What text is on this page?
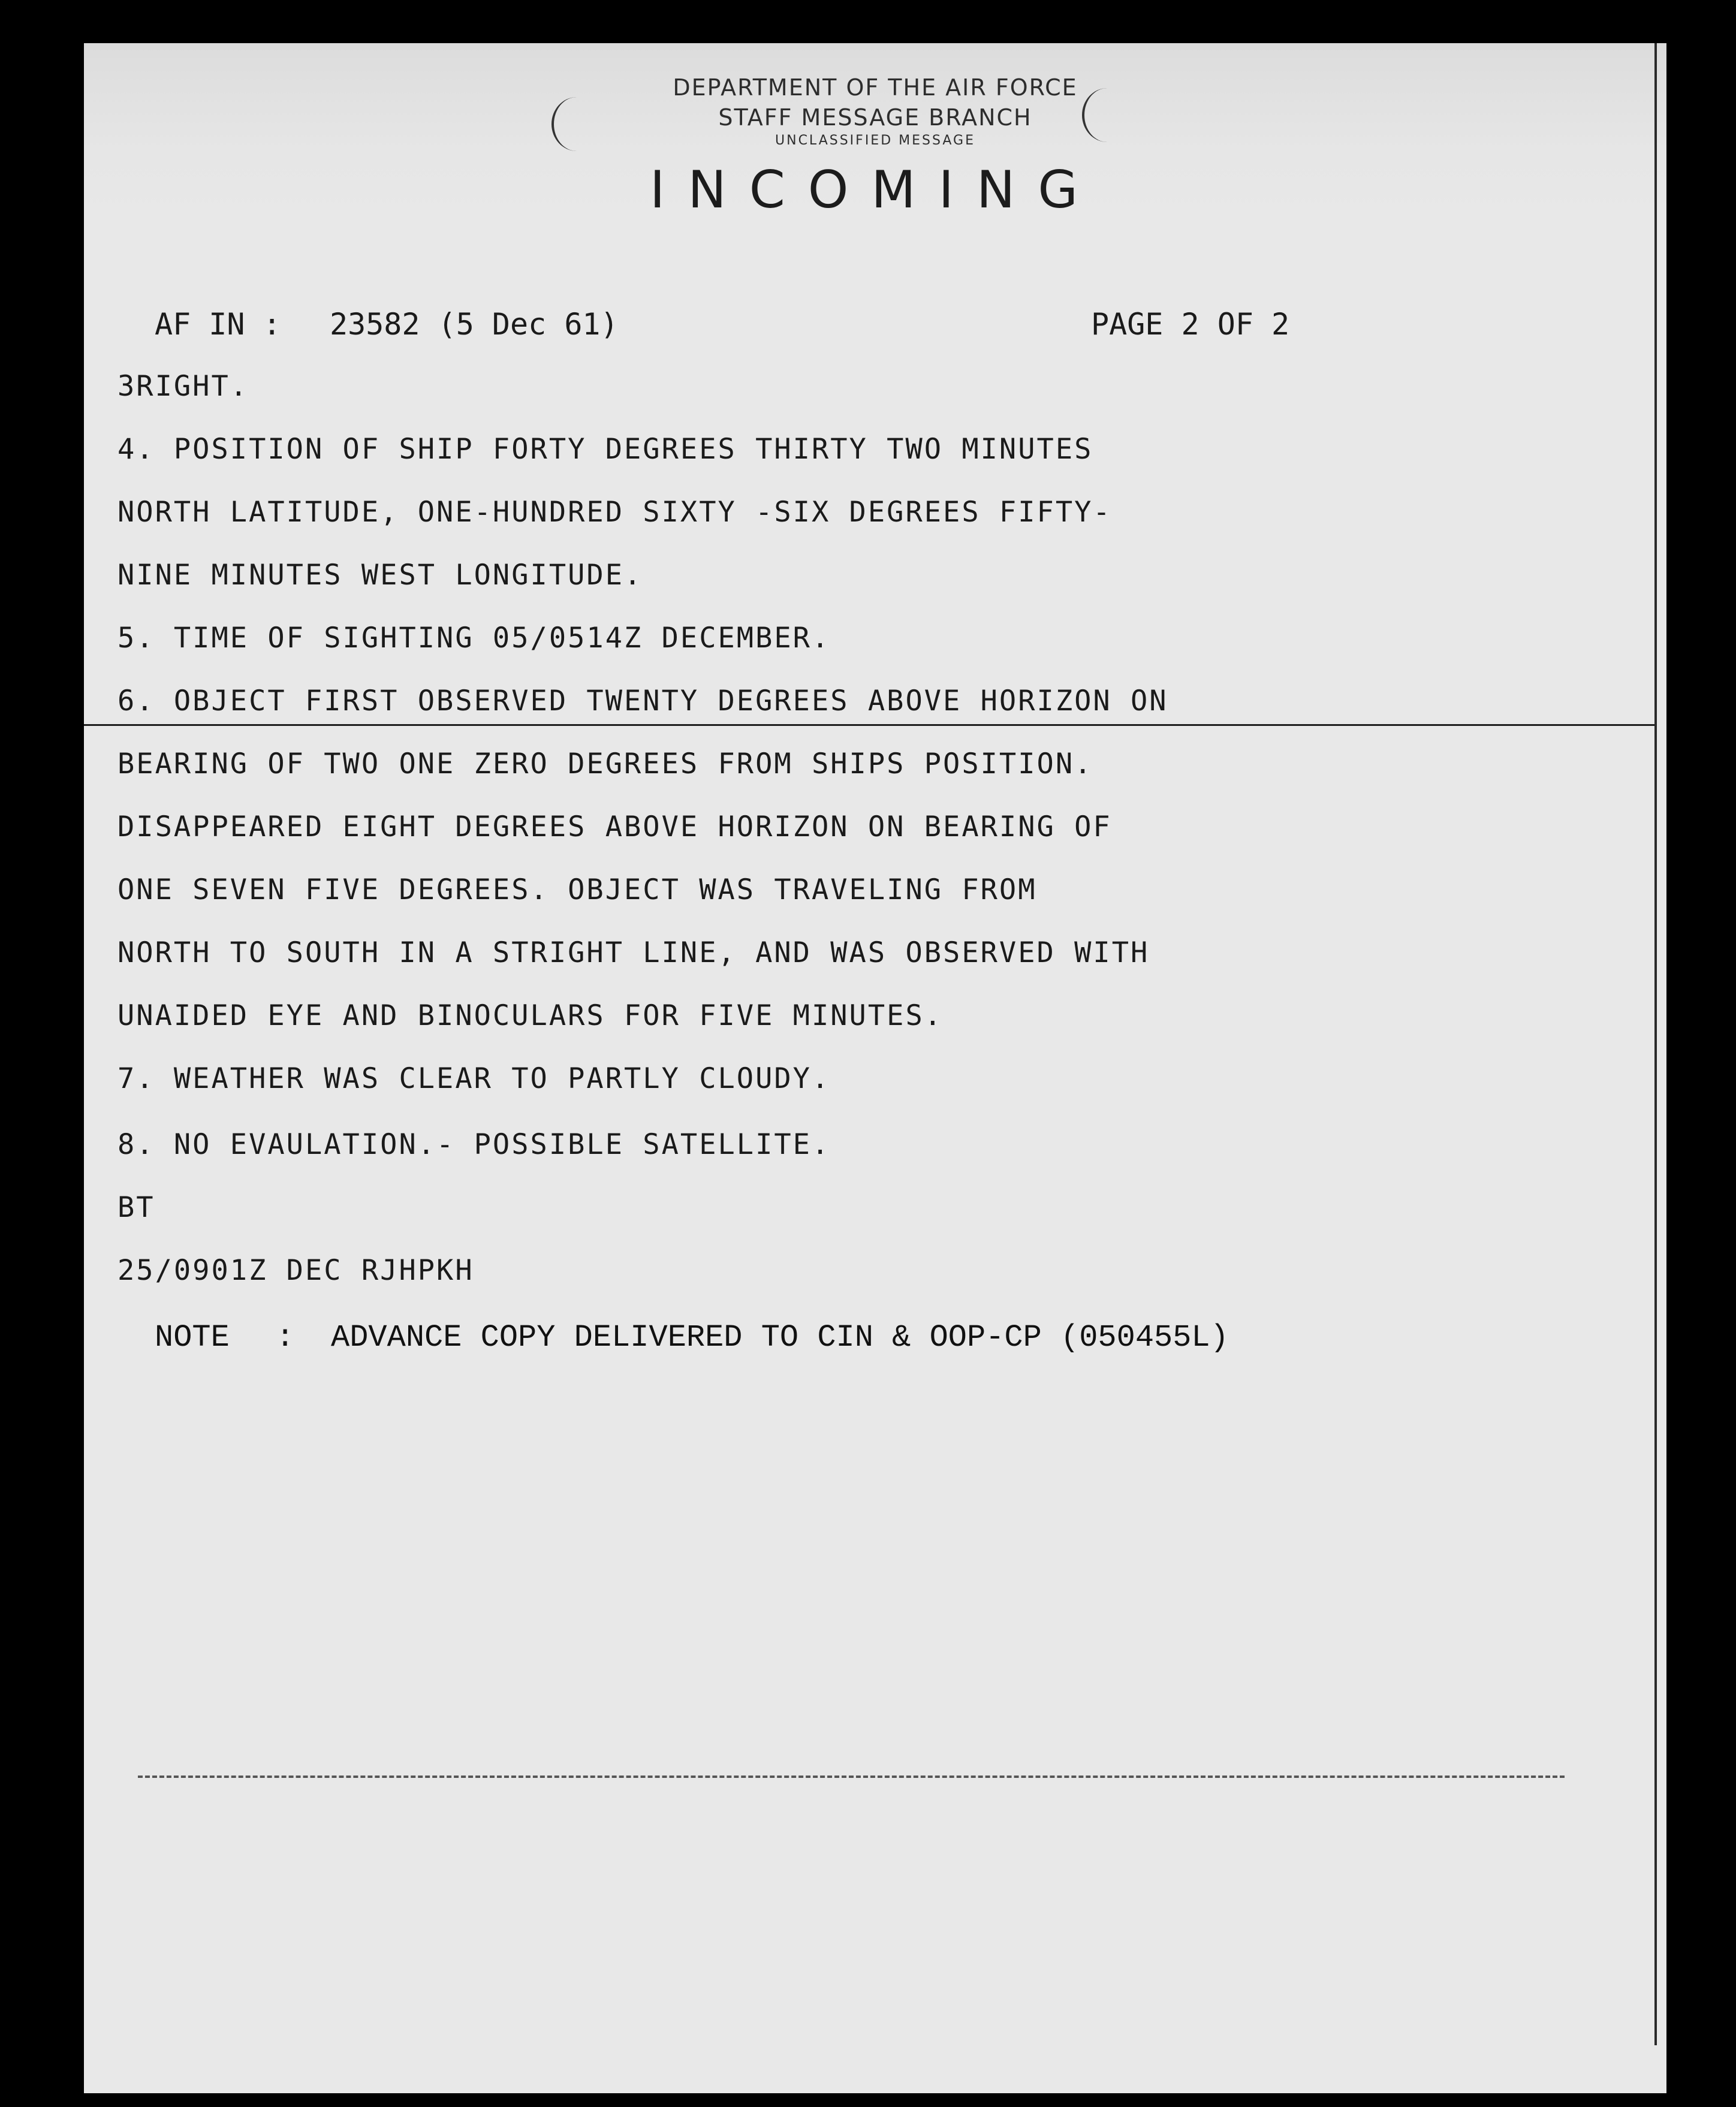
DEPARTMENT OF THE AIR FORCE
STAFF MESSAGE BRANCH
UNCLASSIFIED MESSAGE
INCOMING
AF IN : 23582 (5 Dec 61)	PAGE 2 OF 2
3RIGHT.
4. POSITION OF SHIP FORTY DEGREES THIRTY TWO MINUTES
NORTH LATITUDE, ONE-HUNDRED SIXTY -SIX DEGREES FIFTY-
NINE MINUTES WEST LONGITUDE.
5. TIME OF SIGHTING 05/0514Z DECEMBER.
6. OBJECT FIRST OBSERVED TWENTY DEGREES ABOVE HORIZON ON
BEARING OF TWO ONE ZERO DEGREES FROM SHIPS POSITION.
DISAPPEARED EIGHT DEGREES ABOVE HORIZON ON BEARING OF
ONE SEVEN FIVE DEGREES. OBJECT WAS TRAVELING FROM
NORTH TO SOUTH IN A STRIGHT LINE, AND WAS OBSERVED WITH
UNAIDED EYE AND BINOCULARS FOR FIVE MINUTES.
7. WEATHER WAS CLEAR TO PARTLY CLOUDY.
8. NO EVAULATION.- POSSIBLE SATELLITE.
BT
25/0901Z DEC RJHPKH
NOTE : ADVANCE COPY DELIVERED TO CIN & OOP-CP (050455L)
